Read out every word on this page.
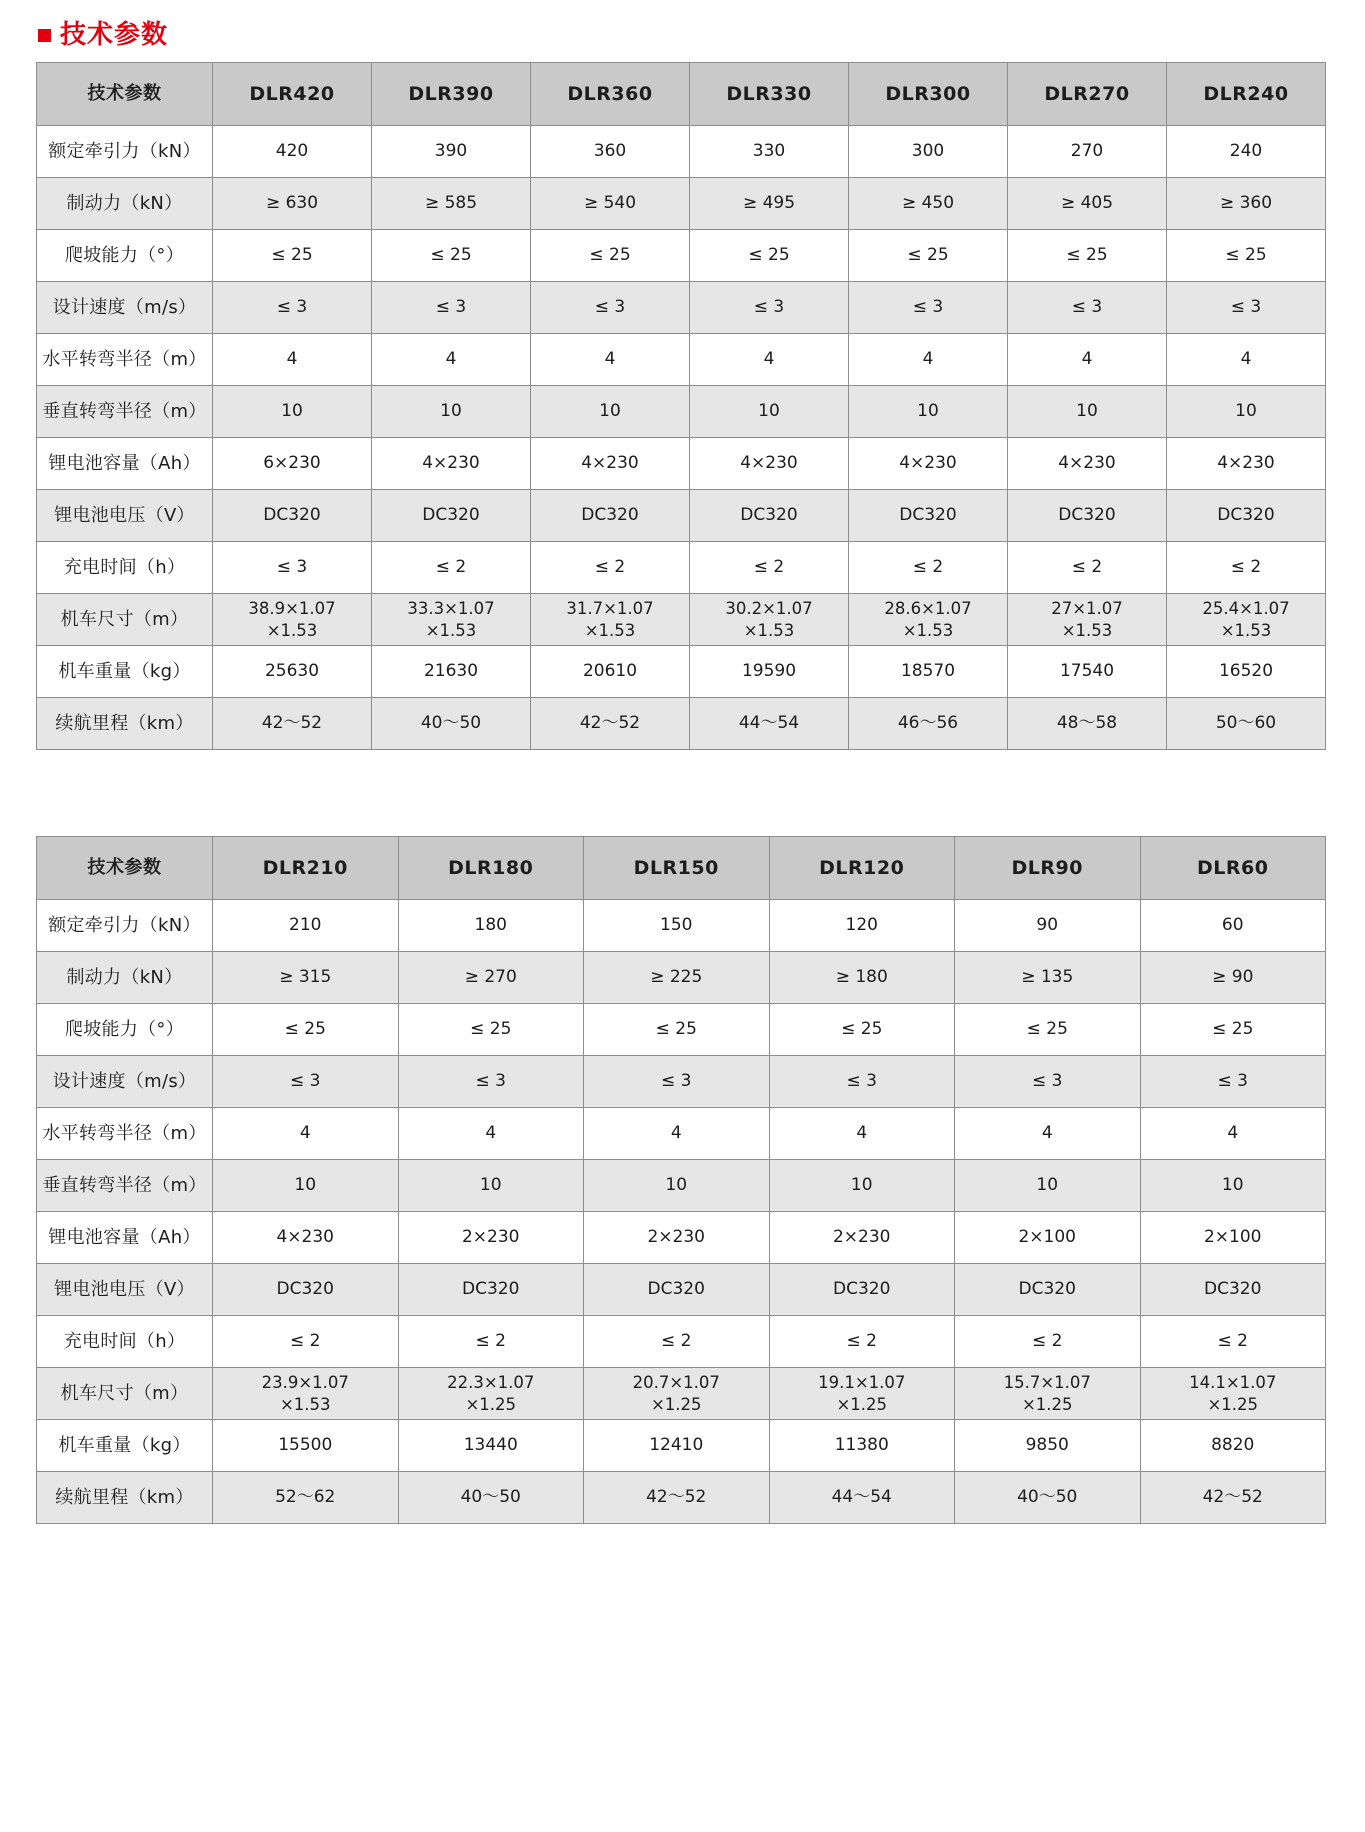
技术参数
技术参数	DLR420	DLR390	DLR360	DLR330	DLR300	DLR270	DLR240
额定牵引力（kN）	420	390	360	330	300	270	240
制动力（kN）	≥ 630	≥ 585	≥ 540	≥ 495	≥ 450	≥ 405	≥ 360
爬坡能力（°）	≤ 25	≤ 25	≤ 25	≤ 25	≤ 25	≤ 25	≤ 25
设计速度（m/s）	≤ 3	≤ 3	≤ 3	≤ 3	≤ 3	≤ 3	≤ 3
水平转弯半径（m）	4	4	4	4	4	4	4
垂直转弯半径（m）	10	10	10	10	10	10	10
锂电池容量（Ah）	6×230	4×230	4×230	4×230	4×230	4×230	4×230
锂电池电压（V）	DC320	DC320	DC320	DC320	DC320	DC320	DC320
充电时间（h）	≤ 3	≤ 2	≤ 2	≤ 2	≤ 2	≤ 2	≤ 2
机车尺寸（m）	38.9×1.07
×1.53	33.3×1.07
×1.53	31.7×1.07
×1.53	30.2×1.07
×1.53	28.6×1.07
×1.53	27×1.07
×1.53	25.4×1.07
×1.53
机车重量（kg）	25630	21630	20610	19590	18570	17540	16520
续航里程（km）	42～52	40～50	42～52	44～54	46～56	48～58	50～60
技术参数	DLR210	DLR180	DLR150	DLR120	DLR90	DLR60
额定牵引力（kN）	210	180	150	120	90	60
制动力（kN）	≥ 315	≥ 270	≥ 225	≥ 180	≥ 135	≥ 90
爬坡能力（°）	≤ 25	≤ 25	≤ 25	≤ 25	≤ 25	≤ 25
设计速度（m/s）	≤ 3	≤ 3	≤ 3	≤ 3	≤ 3	≤ 3
水平转弯半径（m）	4	4	4	4	4	4
垂直转弯半径（m）	10	10	10	10	10	10
锂电池容量（Ah）	4×230	2×230	2×230	2×230	2×100	2×100
锂电池电压（V）	DC320	DC320	DC320	DC320	DC320	DC320
充电时间（h）	≤ 2	≤ 2	≤ 2	≤ 2	≤ 2	≤ 2
机车尺寸（m）	23.9×1.07
×1.53	22.3×1.07
×1.25	20.7×1.07
×1.25	19.1×1.07
×1.25	15.7×1.07
×1.25	14.1×1.07
×1.25
机车重量（kg）	15500	13440	12410	11380	9850	8820
续航里程（km）	52～62	40～50	42～52	44～54	40～50	42～52
